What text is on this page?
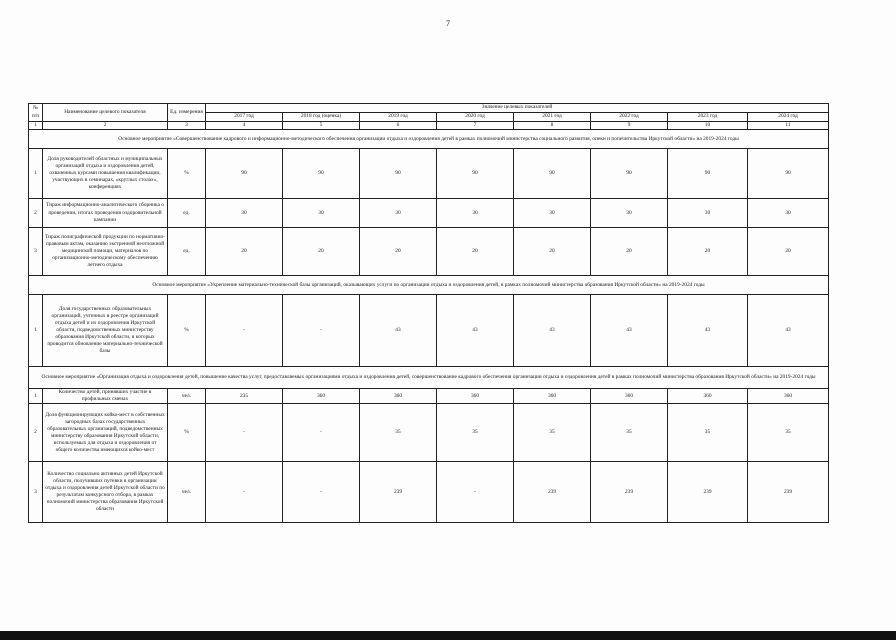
7
№ п/п	Наименование целевого показателя	Ед. измерения	Значение целевых показателей							
			2017 год	2018 год (оценка)	2019 год	2020 год	2021 год	2022 год	2023 год	2024 год
1	2	3	4	5	6	7	8	9	10	11
Основное мероприятие «Совершенствование кадрового и информационно-методического обеспечения организации отдыха и оздоровления детей в рамках полномочий министерства социального развития, опеки и попечительства Иркутской области» на 2019-2024 годы										
1	Доля руководителей областных и муниципальных организаций отдыха и оздоровления детей, охваченных курсами повышения квалификации, участвующих в семинарах, «круглых столах», конференциях	%	90	90	90	90	90	90	90	90
2	Тираж информационно-аналитического сборника о проведении, итогах проведения оздоровительной кампании	ед.	30	30	30	30	30	30	30	30
3	Тираж полиграфической продукции по нормативно-правовым актам, оказанию экстренной неотложной медицинской помощи, материалов по организационно-методическому обеспечению летнего отдыха	ед.	20	20	20	20	20	20	20	20
Основное мероприятие «Укрепление материально-технической базы организаций, оказывающих услуги по организации отдыха и оздоровления детей, в рамках полномочий министерства образования Иркутской области» на 2019-2024 годы										
1	Доля государственных образовательных организаций, учтенных в реестре организаций отдыха детей и их оздоровления Иркутской области, подведомственных министерству образования Иркутской области, в которых проводится обновление материально-технической базы	%	-	-	43	43	43	43	43	43
Основное мероприятие «Организация отдыха и оздоровления детей, повышение качества услуг, предоставляемых организациями отдыха и оздоровления детей, совершенствование кадрового обеспечения организации отдыха и оздоровления детей в рамках полномочий министерства образования Иркутской области» на 2019-2024 годы										
1	Количество детей, принявших участие в профильных сменах	чел.	235	360	360	360	360	360	360	360
2	Доля функционирующих койко-мест в собственных загородных базах государственных образовательных организаций, подведомственных министерству образования Иркутской области, используемых для отдыха и оздоровления от общего количества имеющихся койко-мест	%	-	-	35	35	35	35	35	35
3	Количество социально активных детей Иркутской области, получивших путевки в организации отдыха и оздоровления детей Иркутской области по результатам конкурсного отбора, в рамках полномочий министерства образования Иркутской области	чел.	-	-	239	-	239	239	239	239
